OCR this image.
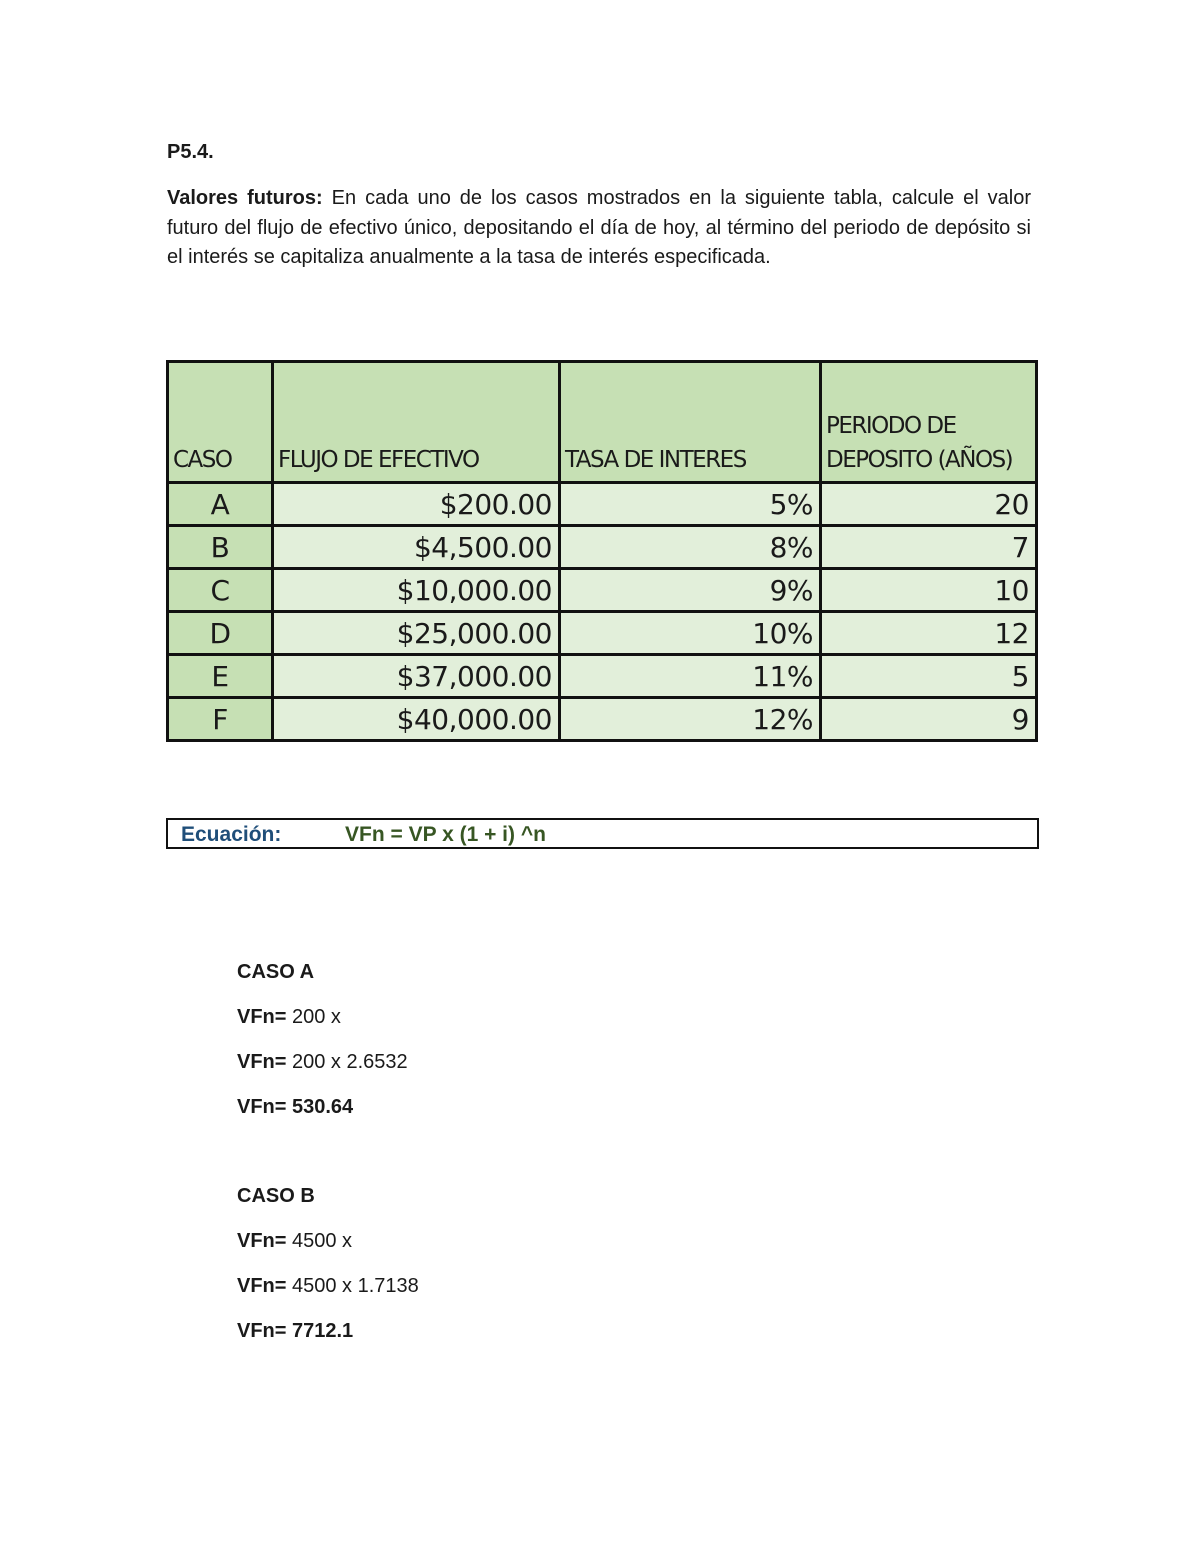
P5.4.

Valores futuros: En cada uno de los casos mostrados en la siguiente tabla, calcule el valor futuro del flujo de efectivo único, depositando el día de hoy, al término del periodo de depósito si el interés se capitaliza anualmente a la tasa de interés especificada.

CASO	FLUJO DE EFECTIVO	TASA DE INTERES	PERIODO DE DEPOSITO (AÑOS)
A	$200.00	5%	20
B	$4,500.00	8%	7
C	$10,000.00	9%	10
D	$25,000.00	10%	12
E	$37,000.00	11%	5
F	$40,000.00	12%	9
Ecuación:	VFn = VP x (1 + i) ^n
CASO A
VFn= 200 x
VFn= 200 x 2.6532
VFn= 530.64
CASO B
VFn= 4500 x
VFn= 4500 x 1.7138
VFn= 7712.1
